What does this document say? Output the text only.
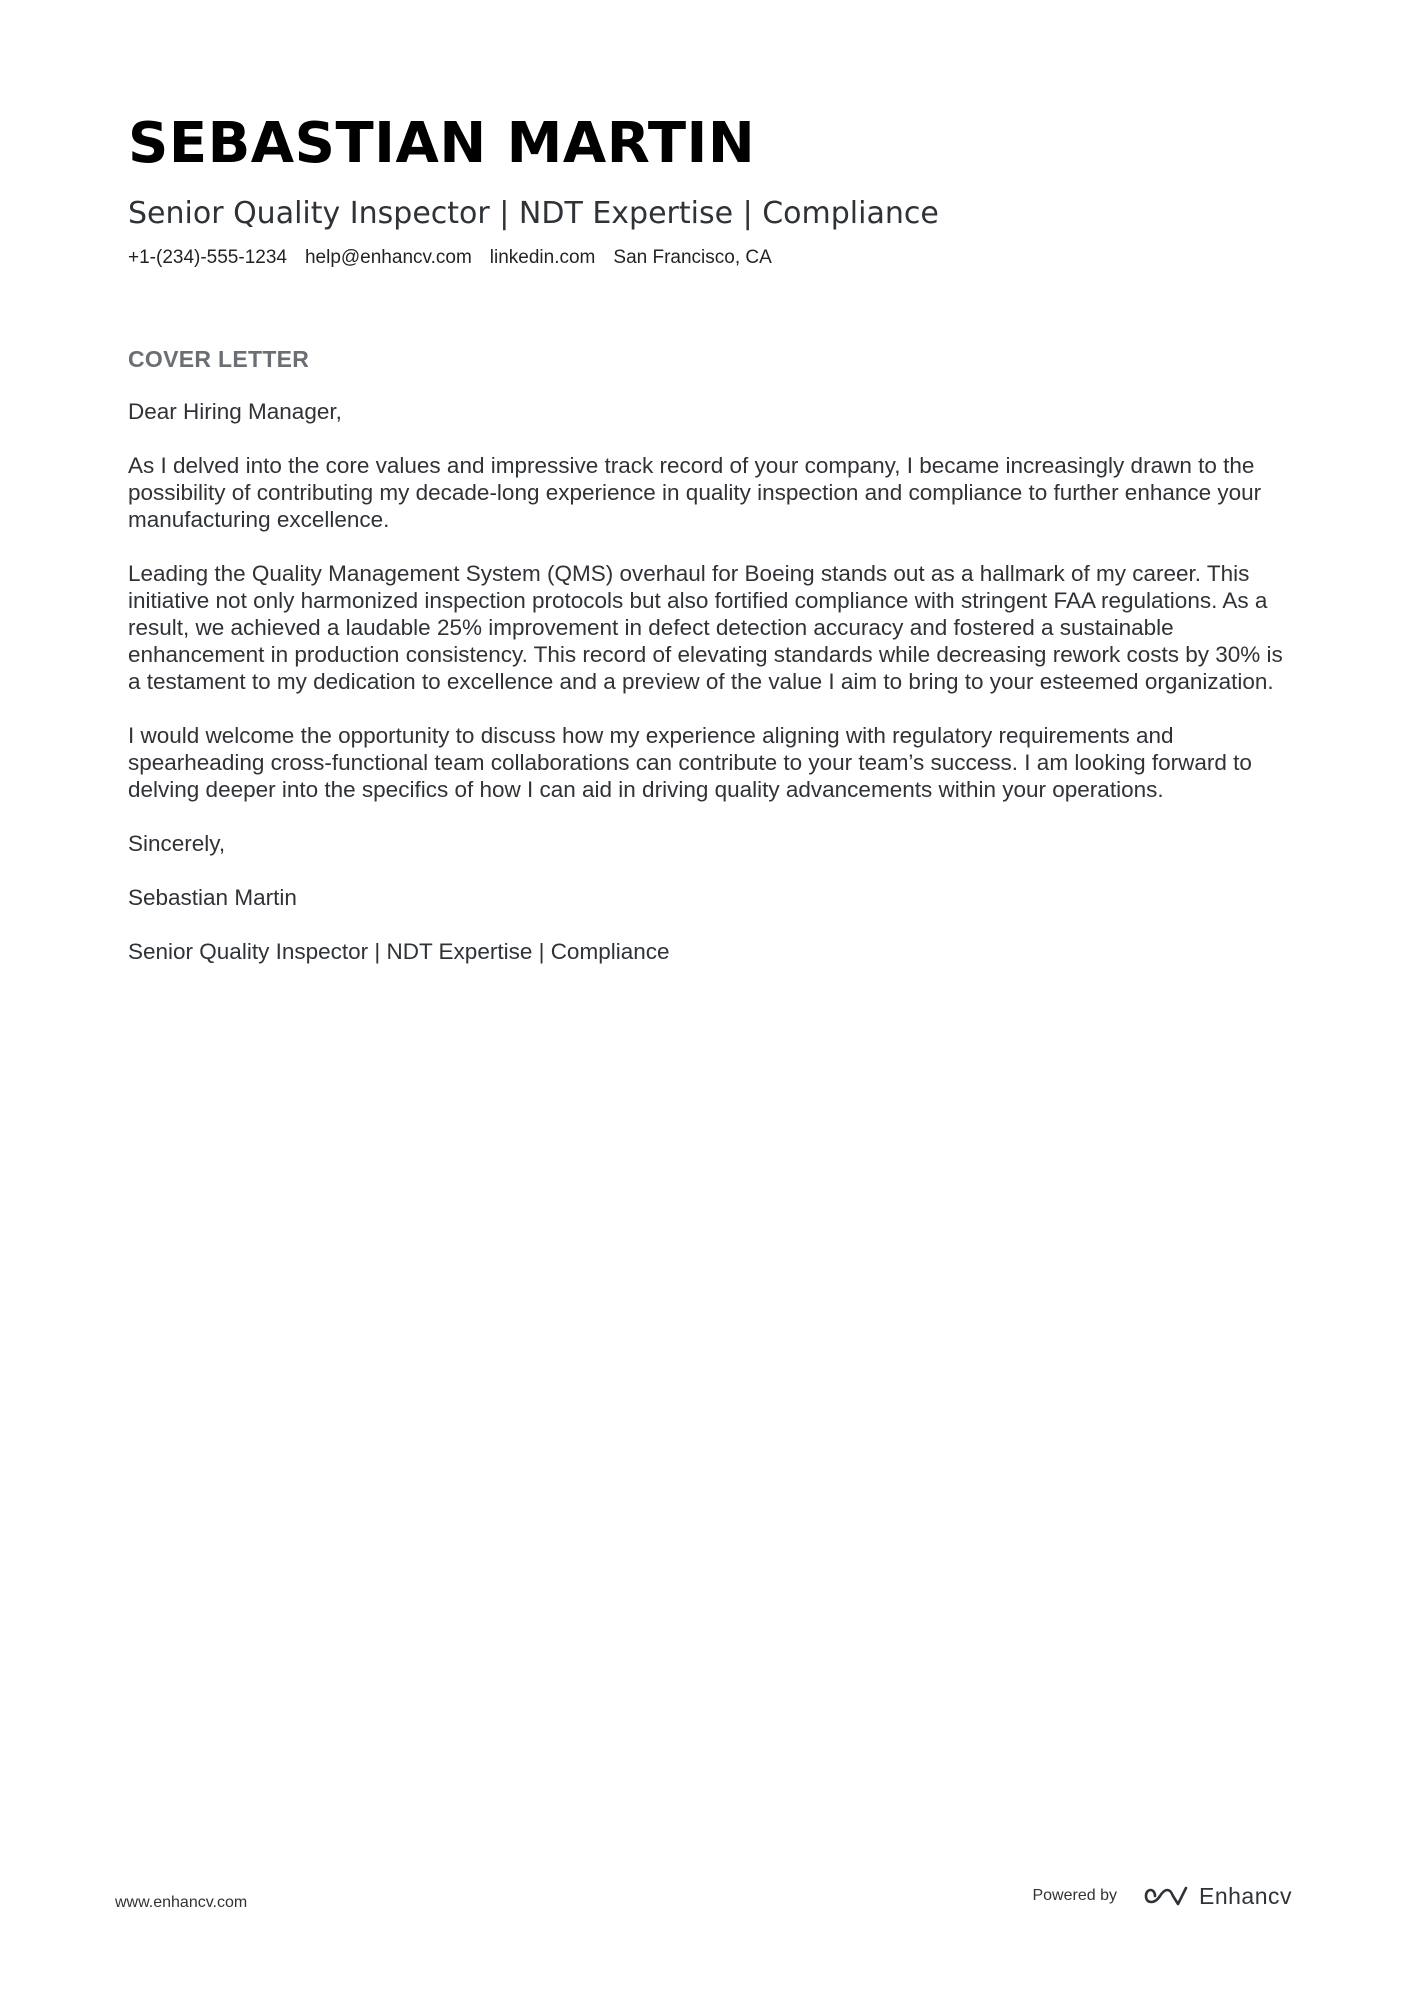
SEBASTIAN MARTIN
Senior Quality Inspector | NDT Expertise | Compliance
+1-(234)-555-1234 help@enhancv.com linkedin.com San Francisco, CA
COVER LETTER
Dear Hiring Manager,
As I delved into the core values and impressive track record of your company, I became increasingly drawn to the possibility of contributing my decade-long experience in quality inspection and compliance to further enhance your manufacturing excellence.
Leading the Quality Management System (QMS) overhaul for Boeing stands out as a hallmark of my career. This initiative not only harmonized inspection protocols but also fortified compliance with stringent FAA regulations. As a result, we achieved a laudable 25% improvement in defect detection accuracy and fostered a sustainable enhancement in production consistency. This record of elevating standards while decreasing rework costs by 30% is a testament to my dedication to excellence and a preview of the value I aim to bring to your esteemed organization.
I would welcome the opportunity to discuss how my experience aligning with regulatory requirements and spearheading cross-functional team collaborations can contribute to your team’s success. I am looking forward to delving deeper into the specifics of how I can aid in driving quality advancements within your operations.
Sincerely,
Sebastian Martin
Senior Quality Inspector | NDT Expertise | Compliance
www.enhancv.com	Powered by	Enhancv
